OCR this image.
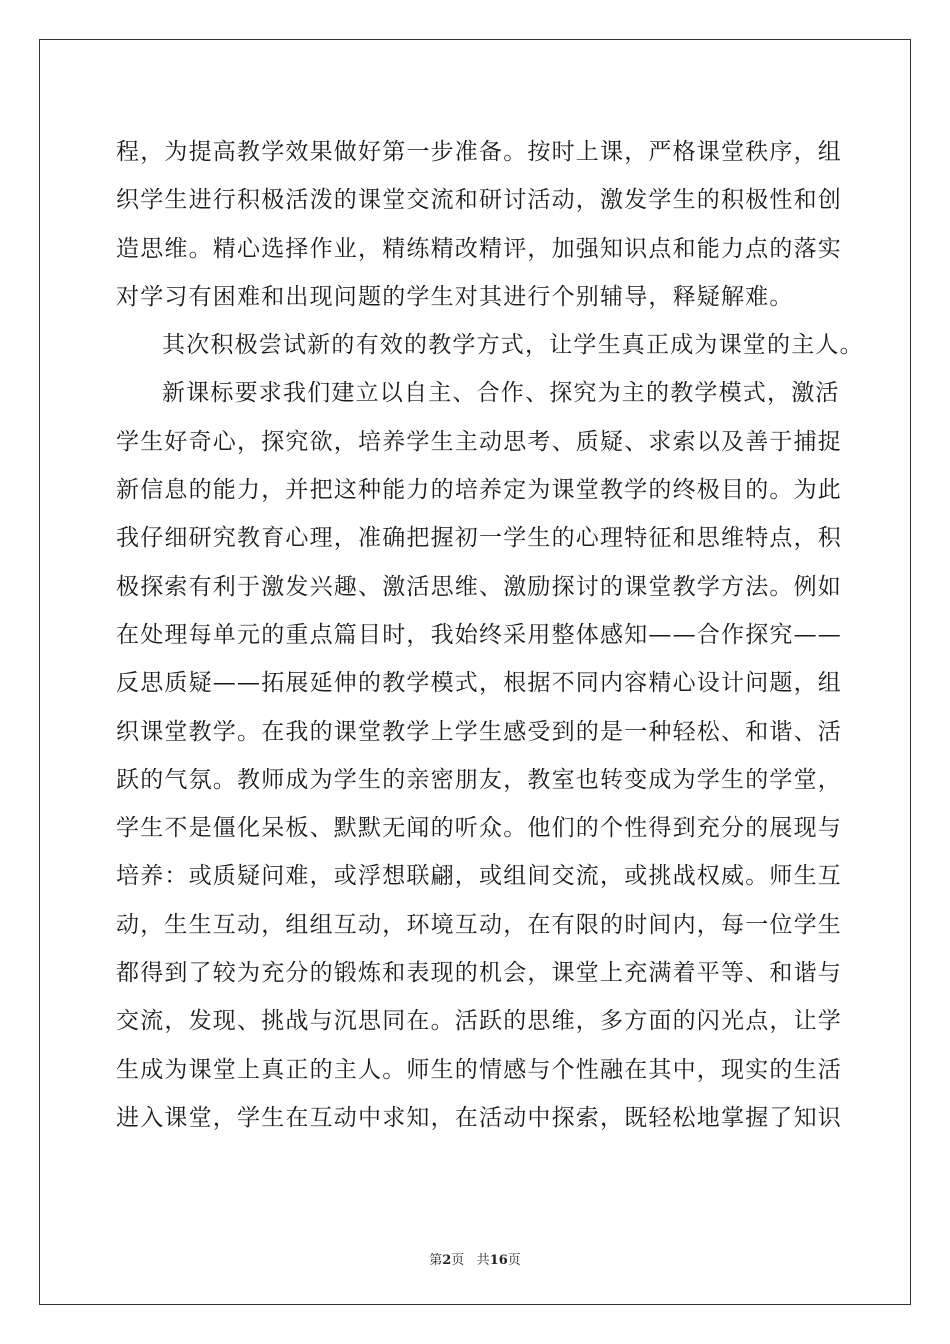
程，为提高教学效果做好第一步准备。按时上课，严格课堂秩序，组
织学生进行积极活泼的课堂交流和研讨活动，激发学生的积极性和创
造思维。精心选择作业，精练精改精评，加强知识点和能力点的落实
对学习有困难和出现问题的学生对其进行个别辅导，释疑解难。
其次积极尝试新的有效的教学方式，让学生真正成为课堂的主人。
新课标要求我们建立以自主、合作、探究为主的教学模式，激活
学生好奇心，探究欲，培养学生主动思考、质疑、求索以及善于捕捉
新信息的能力，并把这种能力的培养定为课堂教学的终极目的。为此
我仔细研究教育心理，准确把握初一学生的心理特征和思维特点，积
极探索有利于激发兴趣、激活思维、激励探讨的课堂教学方法。例如
在处理每单元的重点篇目时，我始终采用整体感知——合作探究——
反思质疑——拓展延伸的教学模式，根据不同内容精心设计问题，组
织课堂教学。在我的课堂教学上学生感受到的是一种轻松、和谐、活
跃的气氛。教师成为学生的亲密朋友，教室也转变成为学生的学堂，
学生不是僵化呆板、默默无闻的听众。他们的个性得到充分的展现与
培养：或质疑问难，或浮想联翩，或组间交流，或挑战权威。师生互
动，生生互动，组组互动，环境互动，在有限的时间内，每一位学生
都得到了较为充分的锻炼和表现的机会，课堂上充满着平等、和谐与
交流，发现、挑战与沉思同在。活跃的思维，多方面的闪光点，让学
生成为课堂上真正的主人。师生的情感与个性融在其中，现实的生活
进入课堂，学生在互动中求知，在活动中探索，既轻松地掌握了知识
第2页 共16页
